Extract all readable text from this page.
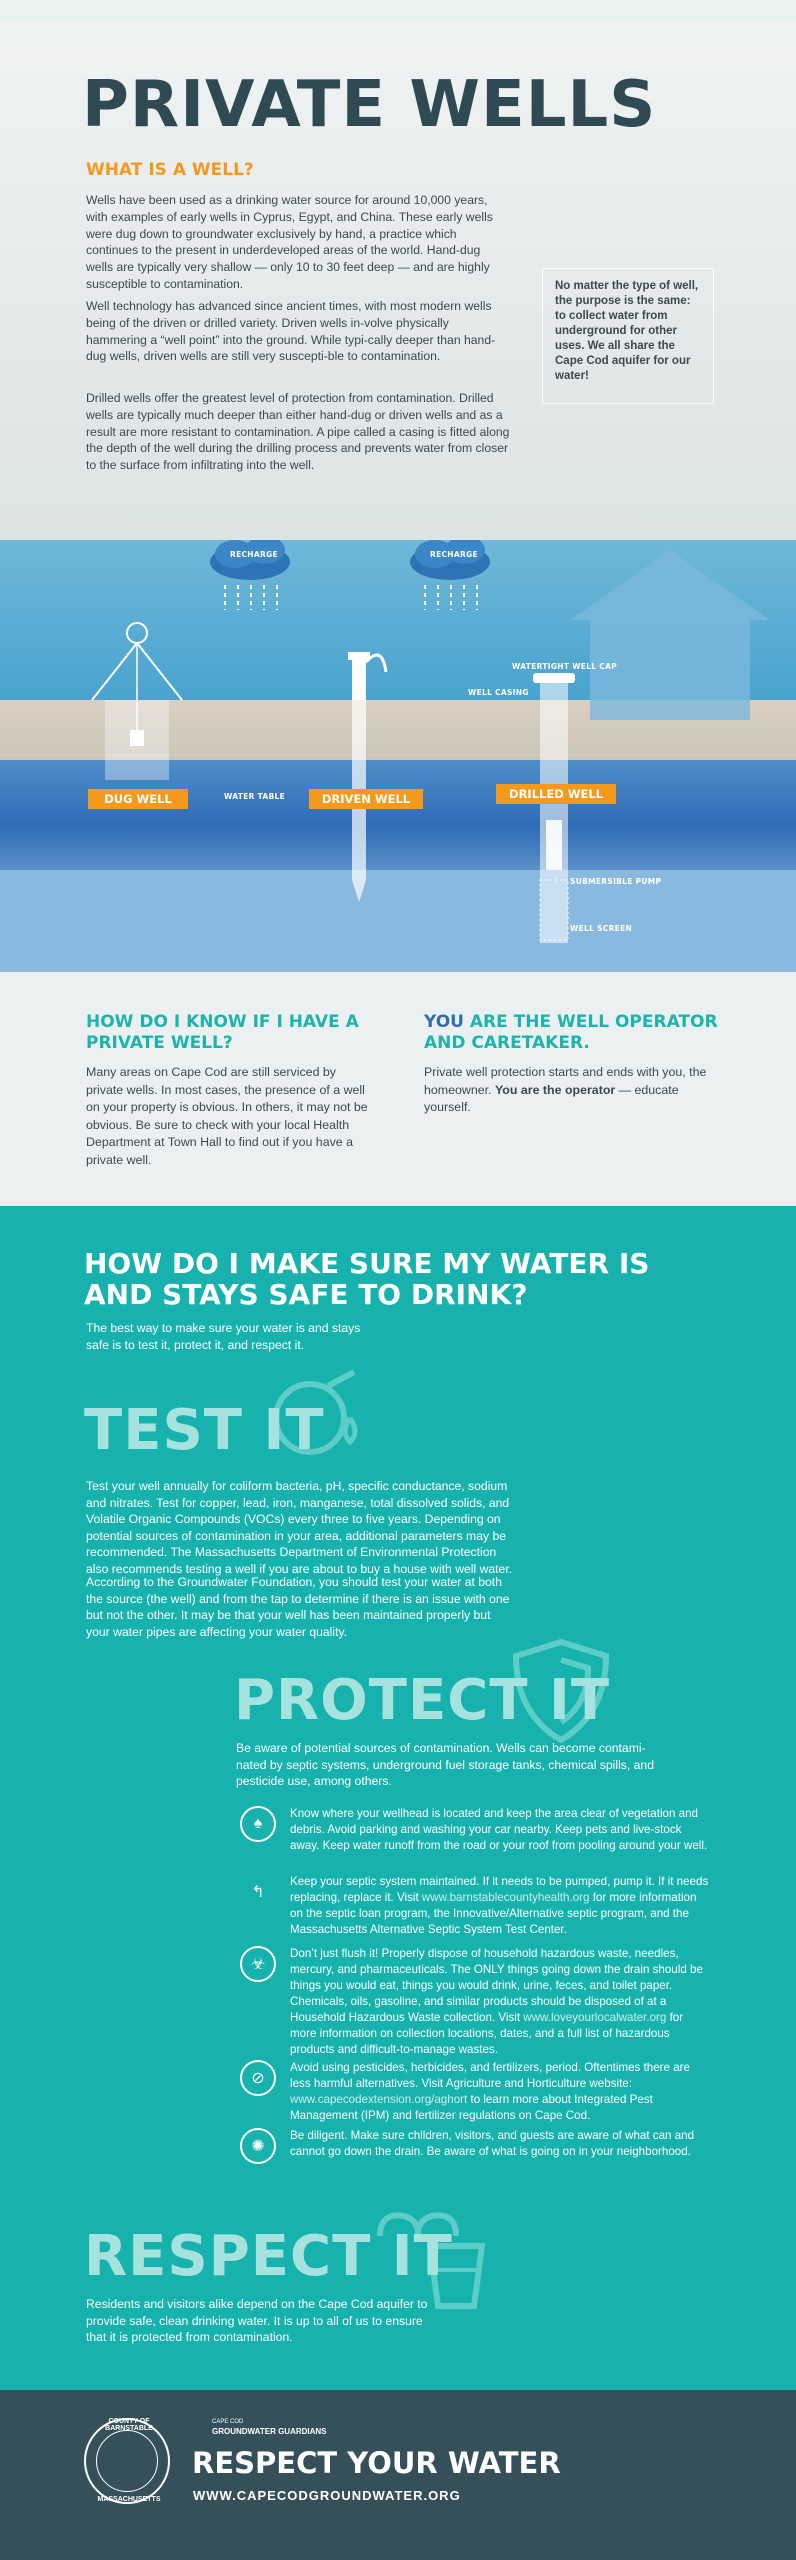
PRIVATE WELLS
WHAT IS A WELL?

Wells have been used as a drinking water source for around 10,000 years, with examples of early wells in Cyprus, Egypt, and China. These early wells were dug down to groundwater exclusively by hand, a practice which continues to the present in underdeveloped areas of the world. Hand-dug wells are typically very shallow — only 10 to 30 feet deep — and are highly susceptible to contamination.

Well technology has advanced since ancient times, with most modern wells being of the driven or drilled variety. Driven wells in-volve physically hammering a “well point” into the ground. While typi-cally deeper than hand-dug wells, driven wells are still very suscepti-ble to contamination.

Drilled wells offer the greatest level of protection from contamination. Drilled wells are typically much deeper than either hand-dug or driven wells and as a result are more resistant to contamination. A pipe called a casing is fitted along the depth of the well during the drilling process and prevents water from closer to the surface from infiltrating into the well.

No matter the type of well, the purpose is the same: to collect water from underground for other uses. We all share the Cape Cod aquifer for our water!
RECHARGE	RECHARGE
DUG WELL	DRIVEN WELL	DRILLED WELL
WATER TABLE
WATERTIGHT WELL CAP
WELL CASING
SUBMERSIBLE PUMP
WELL SCREEN
HOW DO I KNOW IF I HAVE A PRIVATE WELL?

Many areas on Cape Cod are still serviced by private wells. In most cases, the presence of a well on your property is obvious. In others, it may not be obvious. Be sure to check with your local Health Department at Town Hall to find out if you have a private well.

YOU ARE THE WELL OPERATOR AND CARETAKER.

Private well protection starts and ends with you, the homeowner. You are the operator — educate yourself.

HOW DO I MAKE SURE MY WATER IS AND STAYS SAFE TO DRINK?

The best way to make sure your water is and stays safe is to test it, protect it, and respect it.

TEST IT

Test your well annually for coliform bacteria, pH, specific conductance, sodium and nitrates. Test for copper, lead, iron, manganese, total dissolved solids, and Volatile Organic Compounds (VOCs) every three to five years. Depending on potential sources of contamination in your area, additional parameters may be recommended. The Massachusetts Department of Environmental Protection also recommends testing a well if you are about to buy a house with well water.

According to the Groundwater Foundation, you should test your water at both the source (the well) and from the tap to determine if there is an issue with one but not the other. It may be that your well has been maintained properly but your water pipes are affecting your water quality.

PROTECT IT

Be aware of potential sources of contamination. Wells can become contami-nated by septic systems, underground fuel storage tanks, chemical spills, and pesticide use, among others.

♠
Know where your wellhead is located and keep the area clear of vegetation and debris. Avoid parking and washing your car nearby. Keep pets and live-stock away. Keep water runoff from the road or your roof from pooling around your well.
↰
Keep your septic system maintained. If it needs to be pumped, pump it. If it needs replacing, replace it. Visit www.barnstablecountyhealth.org for more information on the septic loan program, the Innovative/Alternative septic program, and the Massachusetts Alternative Septic System Test Center.
☣
Don’t just flush it! Properly dispose of household hazardous waste, needles, mercury, and pharmaceuticals. The ONLY things going down the drain should be things you would eat, things you would drink, urine, feces, and toilet paper. Chemicals, oils, gasoline, and similar products should be disposed of at a Household Hazardous Waste collection. Visit www.loveyourlocalwater.org for more information on collection locations, dates, and a full list of hazardous products and difficult-to-manage wastes.
⊘
Avoid using pesticides, herbicides, and fertilizers, period. Oftentimes there are less harmful alternatives. Visit Agriculture and Horticulture website: www.capecodextension.org/aghort to learn more about Integrated Pest Management (IPM) and fertilizer regulations on Cape Cod.
✺
Be diligent. Make sure children, visitors, and guests are aware of what can and cannot go down the drain. Be aware of what is going on in your neighborhood.
RESPECT IT

Residents and visitors alike depend on the Cape Cod aquifer to provide safe, clean drinking water. It is up to all of us to ensure that it is protected from contamination.

COUNTY OF BARNSTABLE
MASSACHUSETTS
CAPE COD
GROUNDWATER GUARDIANS
RESPECT YOUR WATER
WWW.CAPECODGROUNDWATER.ORG
